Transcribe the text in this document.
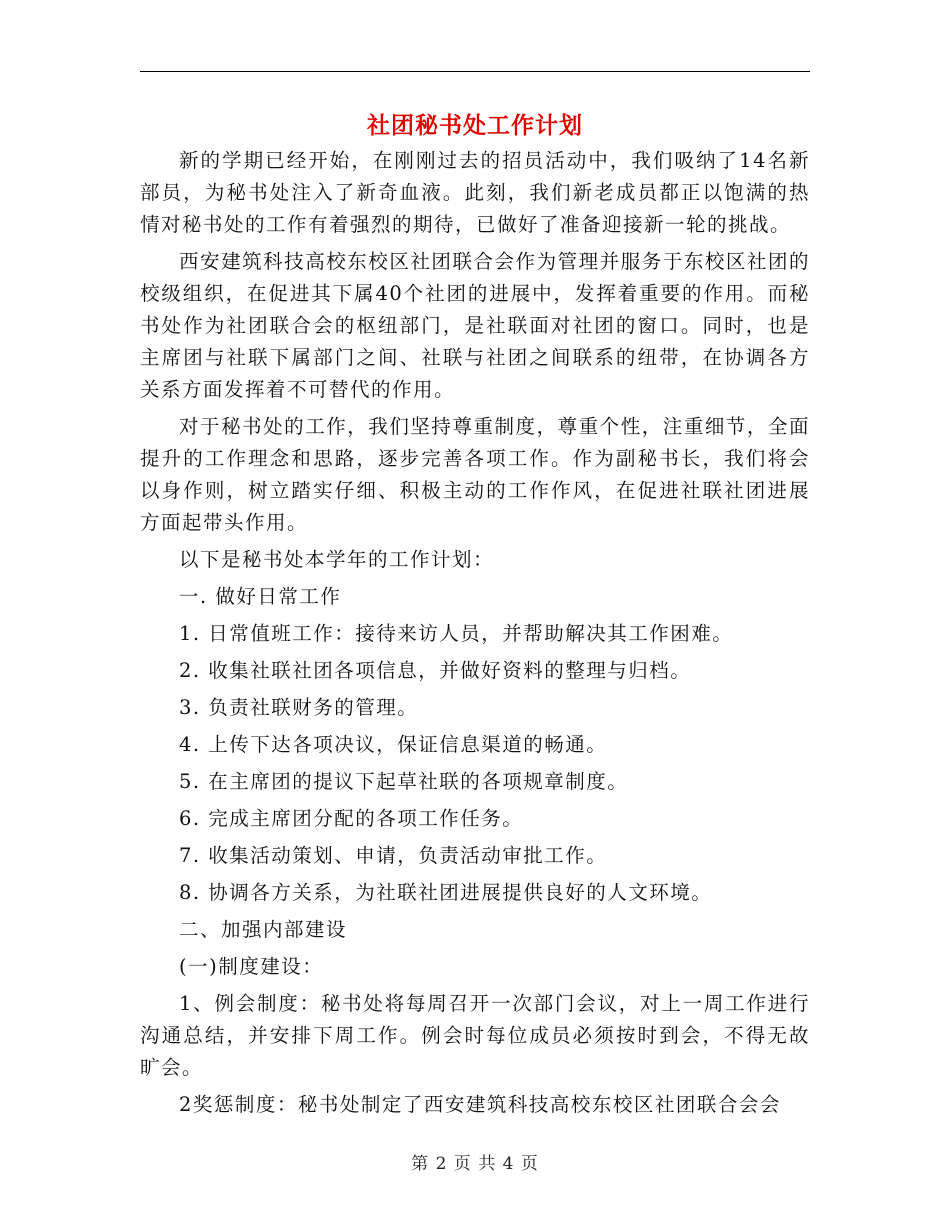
社团秘书处工作计划

新的学期已经开始，在刚刚过去的招员活动中，我们吸纳了14名新部员，为秘书处注入了新奇血液。此刻，我们新老成员都正以饱满的热情对秘书处的工作有着强烈的期待，已做好了准备迎接新一轮的挑战。

西安建筑科技高校东校区社团联合会作为管理并服务于东校区社团的校级组织，在促进其下属40个社团的进展中，发挥着重要的作用。而秘书处作为社团联合会的枢纽部门，是社联面对社团的窗口。同时，也是主席团与社联下属部门之间、社联与社团之间联系的纽带，在协调各方关系方面发挥着不可替代的作用。

对于秘书处的工作，我们坚持尊重制度，尊重个性，注重细节，全面提升的工作理念和思路，逐步完善各项工作。作为副秘书长，我们将会以身作则，树立踏实仔细、积极主动的工作作风，在促进社联社团进展方面起带头作用。

以下是秘书处本学年的工作计划：

一. 做好日常工作

1. 日常值班工作：接待来访人员，并帮助解决其工作困难。

2. 收集社联社团各项信息，并做好资料的整理与归档。

3. 负责社联财务的管理。

4. 上传下达各项决议，保证信息渠道的畅通。

5. 在主席团的提议下起草社联的各项规章制度。

6. 完成主席团分配的各项工作任务。

7. 收集活动策划、申请，负责活动审批工作。

8. 协调各方关系，为社联社团进展提供良好的人文环境。

二、加强内部建设

(一)制度建设：

1、例会制度：秘书处将每周召开一次部门会议，对上一周工作进行沟通总结，并安排下周工作。例会时每位成员必须按时到会，不得无故旷会。

2奖惩制度：秘书处制定了西安建筑科技高校东校区社团联合会会

第 2 页 共 4 页
